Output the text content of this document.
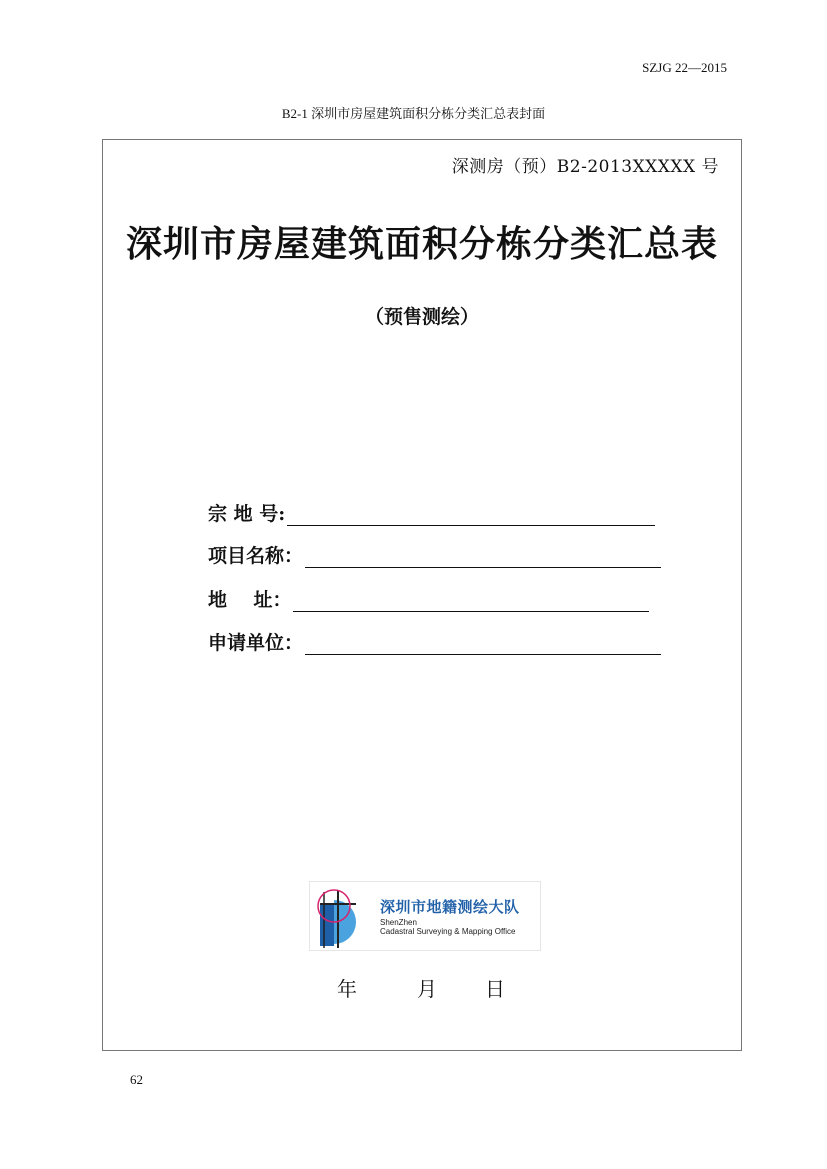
SZJG 22—2015
B2-1 深圳市房屋建筑面积分栋分类汇总表封面
深测房（预）B2-2013XXXXX 号
深圳市房屋建筑面积分栋分类汇总表
（预售测绘）
宗 地 号:
项目名称：
地    址：
申请单位：
深圳市地籍测绘大队
ShenZhen
Cadastral Surveying & Mapping Office
年	月 日
62
